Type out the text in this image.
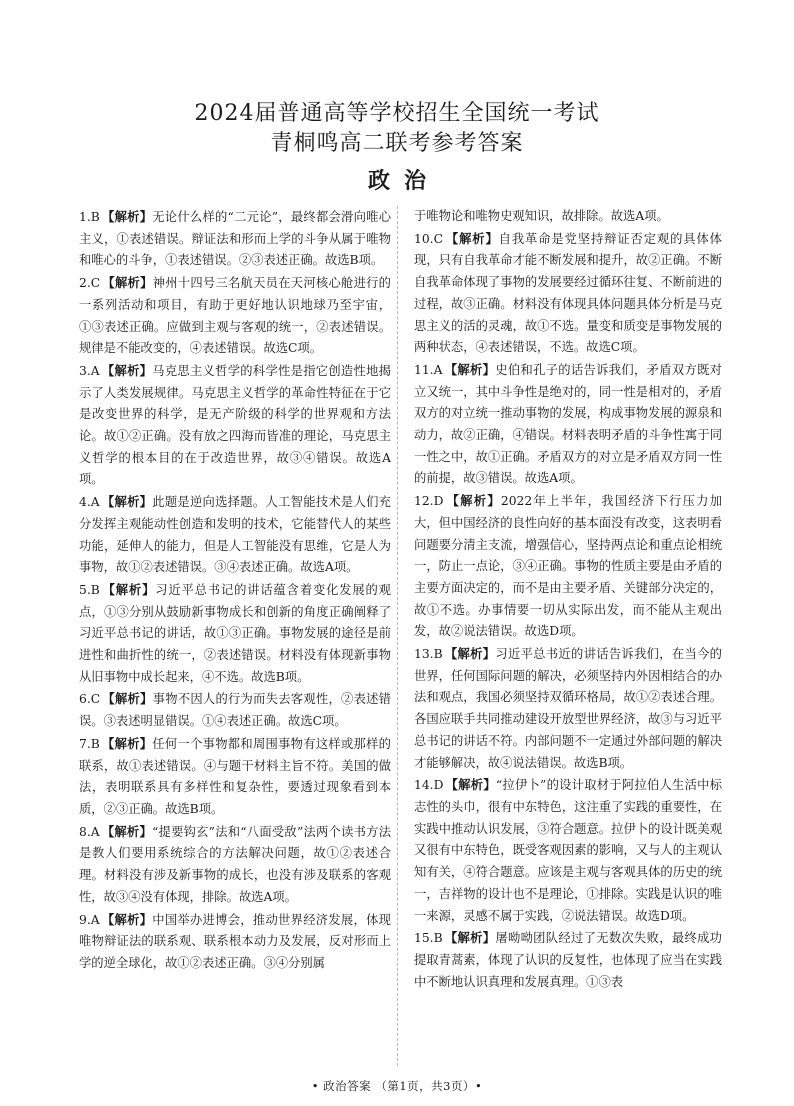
2024届普通高等学校招生全国统一考试
青桐鸣高二联考参考答案
政治

1.B 【解析】无论什么样的“二元论”，最终都会滑向唯心主义，①表述错误。辩证法和形而上学的斗争从属于唯物和唯心的斗争，①表述错误。②③表述正确。故选B项。

2.C 【解析】神州十四号三名航天员在天河核心舱进行的一系列活动和项目，有助于更好地认识地球乃至宇宙，①③表述正确。应做到主观与客观的统一，②表述错误。规律是不能改变的，④表述错误。故选C项。

3.A 【解析】马克思主义哲学的科学性是指它创造性地揭示了人类发展规律。马克思主义哲学的革命性特征在于它是改变世界的科学，是无产阶级的科学的世界观和方法论。故①②正确。没有放之四海而皆准的理论，马克思主义哲学的根本目的在于改造世界，故③④错误。故选A项。

4.A 【解析】此题是逆向选择题。人工智能技术是人们充分发挥主观能动性创造和发明的技术，它能替代人的某些功能，延伸人的能力，但是人工智能没有思维，它是人为事物，故①②表述错误。③④表述正确。故选A项。

5.B 【解析】习近平总书记的讲话蕴含着变化发展的观点，①③分别从鼓励新事物成长和创新的角度正确阐释了习近平总书记的讲话，故①③正确。事物发展的途径是前进性和曲折性的统一，②表述错误。材料没有体现新事物从旧事物中成长起来，④不选。故选B项。

6.C 【解析】事物不因人的行为而失去客观性，②表述错误。③表述明显错误。①④表述正确。故选C项。

7.B 【解析】任何一个事物都和周围事物有这样或那样的联系，故①表述错误。④与题干材料主旨不符。美国的做法，表明联系具有多样性和复杂性，要透过现象看到本质，②③正确。故选B项。

8.A 【解析】“提要钩玄”法和“八面受敌”法两个读书方法是教人们要用系统综合的方法解决问题，故①②表述合理。材料没有涉及新事物的成长，也没有涉及联系的客观性，故③④没有体现，排除。故选A项。

9.A 【解析】中国举办进博会，推动世界经济发展，体现唯物辩证法的联系观、联系根本动力及发展，反对形而上学的逆全球化，故①②表述正确。③④分别属

于唯物论和唯物史观知识，故排除。故选A项。

10.C 【解析】自我革命是党坚持辩证否定观的具体体现，只有自我革命才能不断发展和提升，故②正确。不断自我革命体现了事物的发展要经过循环往复、不断前进的过程，故③正确。材料没有体现具体问题具体分析是马克思主义的活的灵魂，故①不选。量变和质变是事物发展的两种状态，④表述错误，不选。故选C项。

11.A 【解析】史伯和孔子的话告诉我们，矛盾双方既对立又统一，其中斗争性是绝对的，同一性是相对的，矛盾双方的对立统一推动事物的发展，构成事物发展的源泉和动力，故②正确，④错误。材料表明矛盾的斗争性寓于同一性之中，故①正确。矛盾双方的对立是矛盾双方同一性的前提，故③错误。故选A项。

12.D 【解析】2022年上半年，我国经济下行压力加大，但中国经济的良性向好的基本面没有改变，这表明看问题要分清主支流，增强信心，坚持两点论和重点论相统一，防止一点论，③④正确。事物的性质主要是由矛盾的主要方面决定的，而不是由主要矛盾、关键部分决定的，故①不选。办事情要一切从实际出发，而不能从主观出发，故②说法错误。故选D项。

13.B 【解析】习近平总书近的讲话告诉我们，在当今的世界，任何国际问题的解决，必须坚持内外因相结合的办法和观点，我国必须坚持双循环格局，故①②表述合理。各国应联手共同推动建设开放型世界经济，故③与习近平总书记的讲话不符。内部问题不一定通过外部问题的解决才能够解决，故④说法错误。故选B项。

14.D 【解析】“拉伊卜”的设计取材于阿拉伯人生活中标志性的头巾，很有中东特色，这注重了实践的重要性，在实践中推动认识发展，③符合题意。拉伊卜的设计既美观又很有中东特色，既受客观因素的影响，又与人的主观认知有关，④符合题意。应该是主观与客观具体的历史的统一，吉祥物的设计也不是理论，①排除。实践是认识的唯一来源，灵感不属于实践，②说法错误。故选D项。

15.B 【解析】屠呦呦团队经过了无数次失败，最终成功提取青蒿素，体现了认识的反复性，也体现了应当在实践中不断地认识真理和发展真理。①③表

• 政治答案 （第1页，共3页）•
